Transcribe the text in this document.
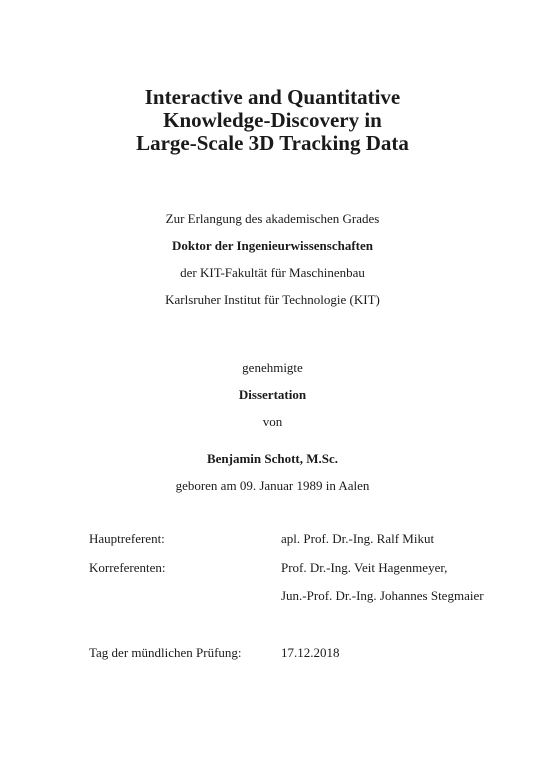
Interactive and Quantitative
Knowledge-Discovery in
Large-Scale 3D Tracking Data
Zur Erlangung des akademischen Grades
Doktor der Ingenieurwissenschaften
der KIT-Fakultät für Maschinenbau
Karlsruher Institut für Technologie (KIT)
genehmigte
Dissertation
von
Benjamin Schott, M.Sc.
geboren am 09. Januar 1989 in Aalen
Hauptreferent:	apl. Prof. Dr.-Ing. Ralf Mikut
Korreferenten:	Prof. Dr.-Ing. Veit Hagenmeyer,
Jun.-Prof. Dr.-Ing. Johannes Stegmaier
Tag der mündlichen Prüfung:	17.12.2018
